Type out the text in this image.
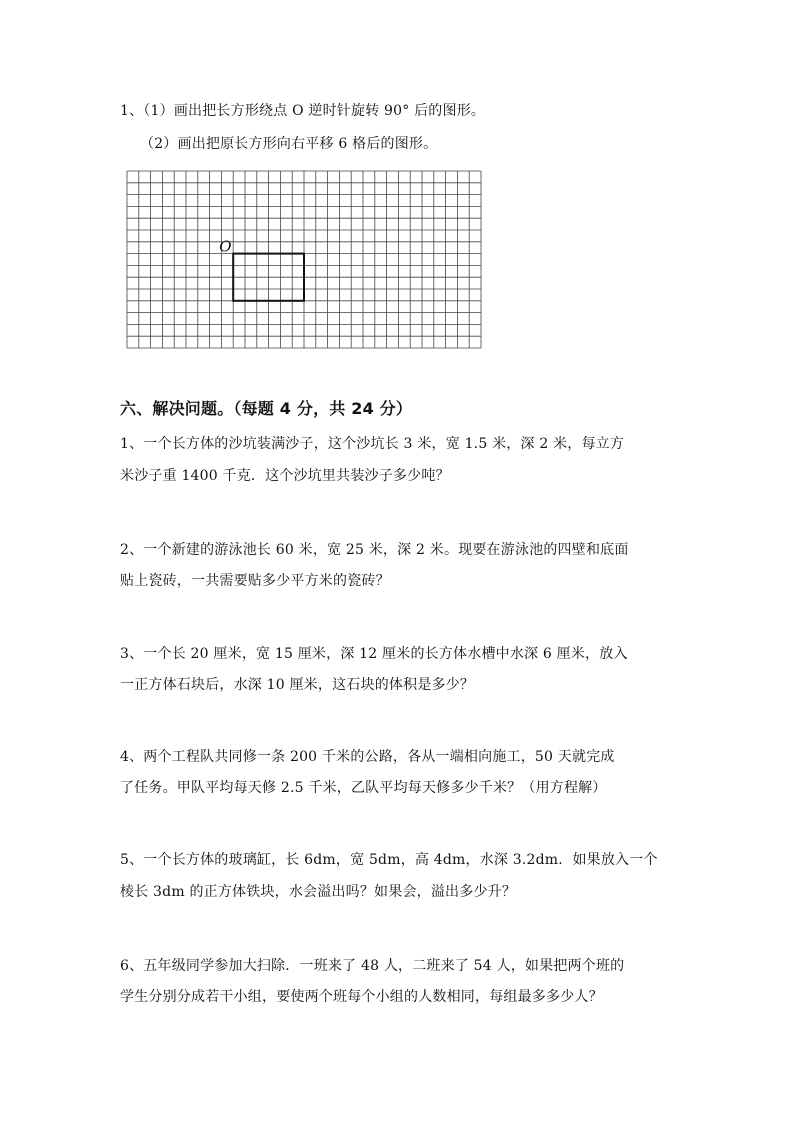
1、（1）画出把长方形绕点 O 逆时针旋转 90° 后的图形。
（2）画出把原长方形向右平移 6 格后的图形。
O
六、解决问题。（每题 4 分，共 24 分）
1、一个长方体的沙坑装满沙子，这个沙坑长 3 米，宽 1.5 米，深 2 米，每立方
米沙子重 1400 千克．这个沙坑里共装沙子多少吨？
2、一个新建的游泳池长 60 米，宽 25 米，深 2 米。现要在游泳池的四壁和底面
贴上瓷砖，一共需要贴多少平方米的瓷砖？
3、一个长 20 厘米，宽 15 厘米，深 12 厘米的长方体水槽中水深 6 厘米，放入
一正方体石块后，水深 10 厘米，这石块的体积是多少？
4、两个工程队共同修一条 200 千米的公路，各从一端相向施工，50 天就完成
了任务。甲队平均每天修 2.5 千米，乙队平均每天修多少千米？（用方程解）
5、一个长方体的玻璃缸，长 6dm，宽 5dm，高 4dm，水深 3.2dm．如果放入一个
棱长 3dm 的正方体铁块，水会溢出吗？如果会，溢出多少升？
6、五年级同学参加大扫除．一班来了 48 人，二班来了 54 人，如果把两个班的
学生分别分成若干小组，要使两个班每个小组的人数相同，每组最多多少人？
